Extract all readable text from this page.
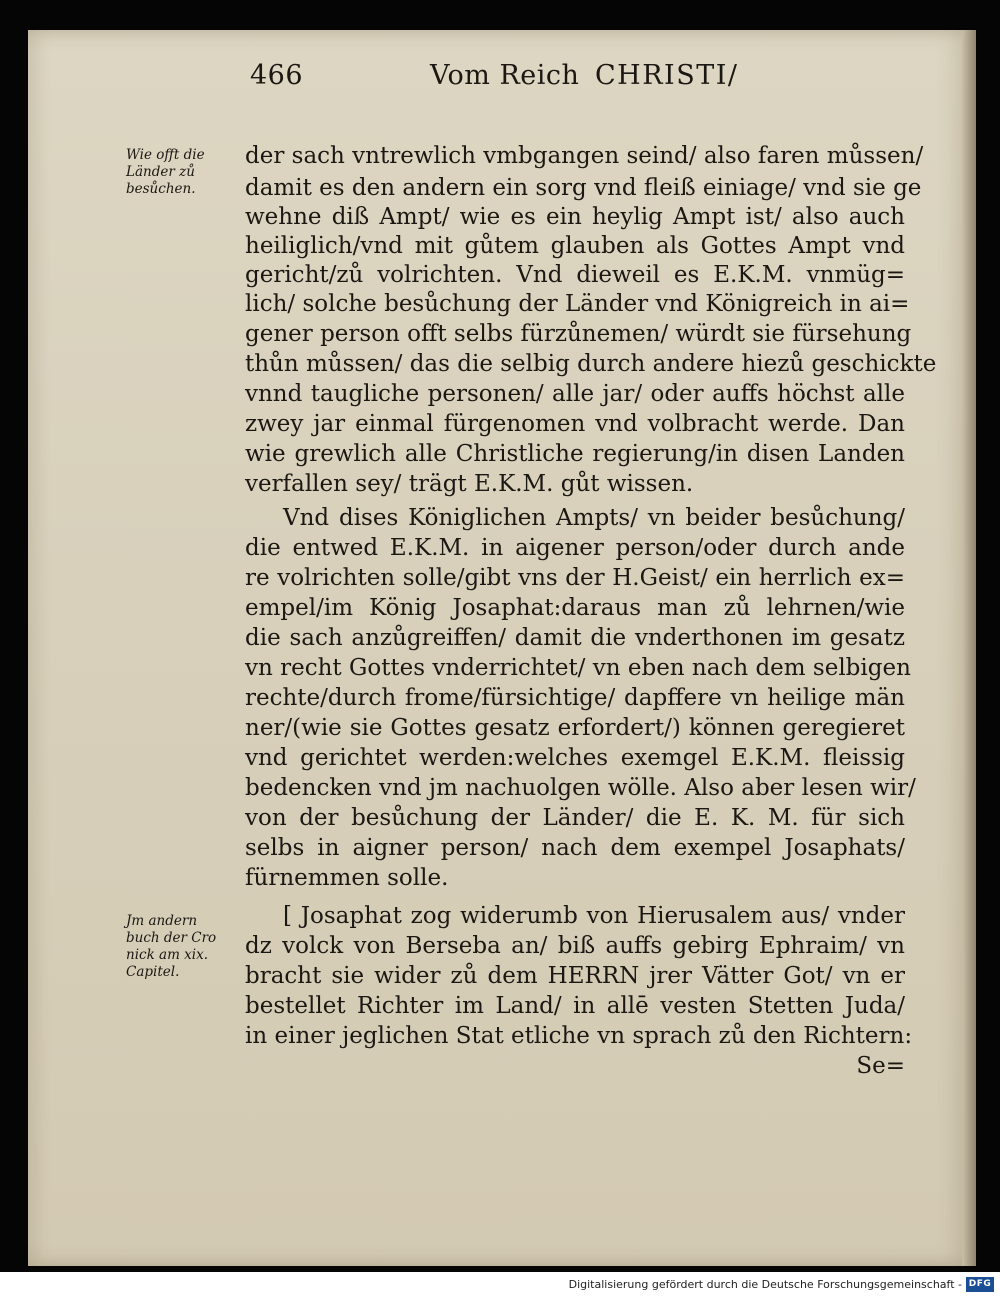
466	Vom Reich CHRISTI/
Wie offt die
Länder zů
besůchen.
Jm andern
buch der Cro
nick am xix.
Capitel.
der sach vntrewlich vmbgangen seind/ also faren můssen/
damit es den andern ein sorg vnd fleiß einiage/ vnd sie ge
wehne diß Ampt/ wie es ein heylig Ampt ist/ also auch
heiliglich/vnd mit gůtem glauben als Gottes Ampt vnd
gericht/zů volrichten. Vnd dieweil es E.K.M. vnmüg=
lich/ solche besůchung der Länder vnd Königreich in ai=
gener person offt selbs fürzůnemen/ würdt sie fürsehung
thůn můssen/ das die selbig durch andere hiezů geschickte
vnnd taugliche personen/ alle jar/ oder auffs höchst alle
zwey jar einmal fürgenomen vnd volbracht werde. Dan
wie grewlich alle Christliche regierung/in disen Landen
verfallen sey/ trägt E.K.M. gůt wissen.
Vnd dises Königlichen Ampts/ vn beider besůchung/
die entwed E.K.M. in aigener person/oder durch ande
re volrichten solle/gibt vns der H.Geist/ ein herrlich ex=
empel/im König Josaphat:daraus man zů lehrnen/wie
die sach anzůgreiffen/ damit die vnderthonen im gesatz
vn recht Gottes vnderrichtet/ vn eben nach dem selbigen
rechte/durch frome/fürsichtige/ dapffere vn heilige män
ner/(wie sie Gottes gesatz erfordert/) können geregieret
vnd gerichtet werden:welches exemgel E.K.M. fleissig
bedencken vnd jm nachuolgen wölle. Also aber lesen wir/
von der besůchung der Länder/ die E. K. M. für sich
selbs in aigner person/ nach dem exempel Josaphats/
fürnemmen solle.
[ Josaphat zog widerumb von Hierusalem aus/ vnder
dz volck von Berseba an/ biß auffs gebirg Ephraim/ vn
bracht sie wider zů dem HERRN jrer Vätter Got/ vn er
bestellet Richter im Land/ in allē vesten Stetten Juda/
in einer jeglichen Stat etliche vn sprach zů den Richtern:
Se=
Digitalisierung gefördert durch die Deutsche Forschungsgemeinschaft - DFG
